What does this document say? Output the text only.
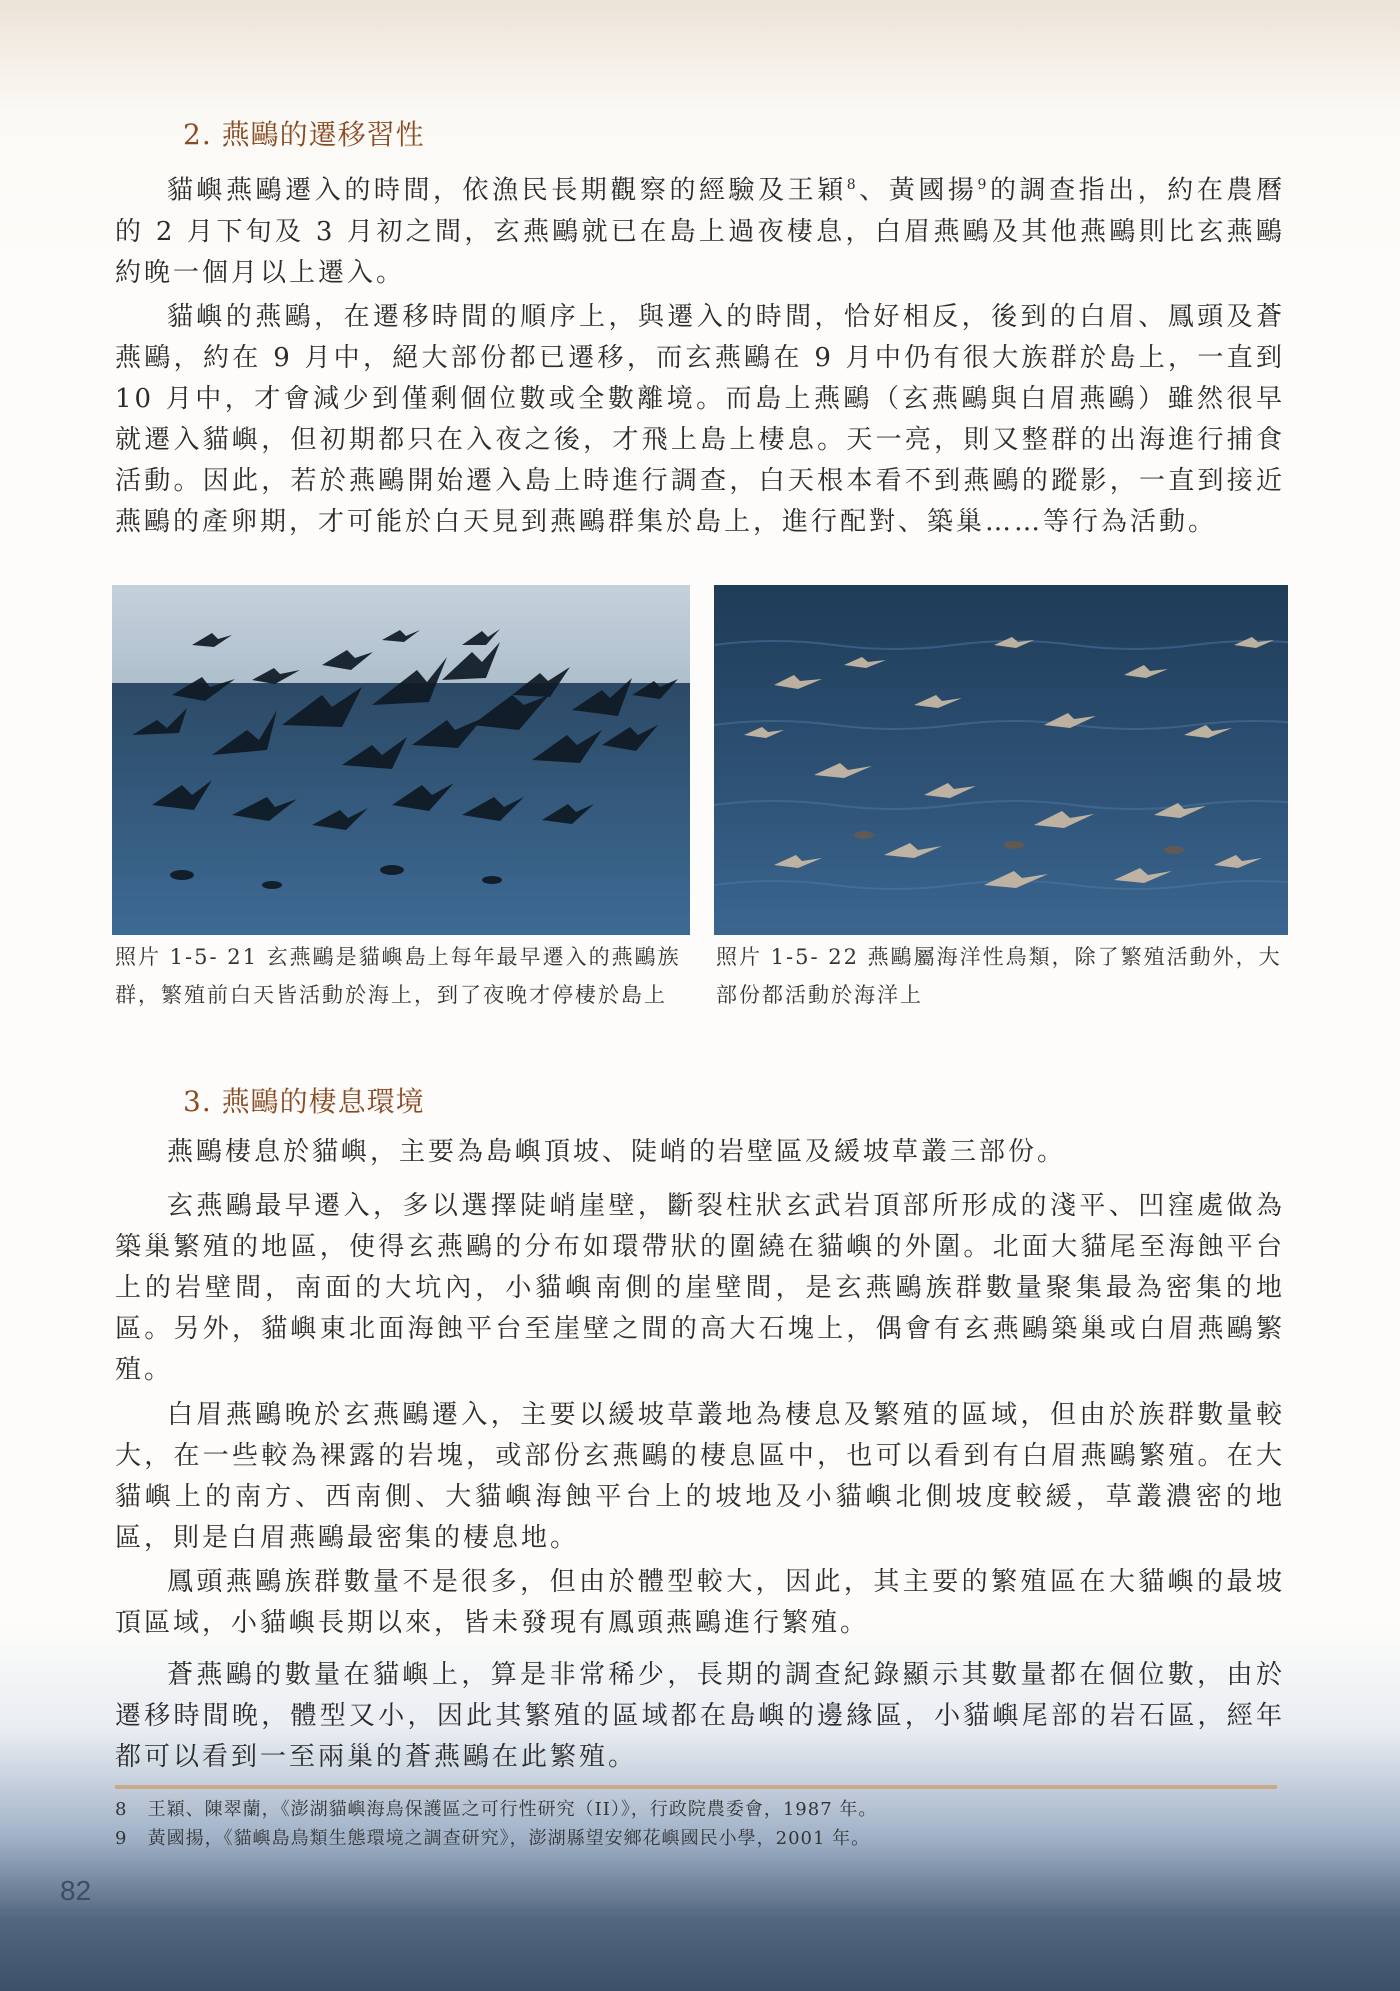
2. 燕鷗的遷移習性

貓嶼燕鷗遷入的時間，依漁民長期觀察的經驗及王穎$^8$、黃國揚$^9$的調查指出，約在農曆的 2 月下旬及 3 月初之間，玄燕鷗就已在島上過夜棲息，白眉燕鷗及其他燕鷗則比玄燕鷗約晚一個月以上遷入。

貓嶼的燕鷗，在遷移時間的順序上，與遷入的時間，恰好相反，後到的白眉、鳳頭及蒼燕鷗，約在 9 月中，絕大部份都已遷移，而玄燕鷗在 9 月中仍有很大族群於島上，一直到 10 月中，才會減少到僅剩個位數或全數離境。而島上燕鷗（玄燕鷗與白眉燕鷗）雖然很早就遷入貓嶼，但初期都只在入夜之後，才飛上島上棲息。天一亮，則又整群的出海進行捕食活動。因此，若於燕鷗開始遷入島上時進行調查，白天根本看不到燕鷗的蹤影，一直到接近燕鷗的產卵期，才可能於白天見到燕鷗群集於島上，進行配對、築巢……等行為活動。

照片 1-5- 21 玄燕鷗是貓嶼島上每年最早遷入的燕鷗族群，繁殖前白天皆活動於海上，到了夜晚才停棲於島上

照片 1-5- 22 燕鷗屬海洋性鳥類，除了繁殖活動外，大部份都活動於海洋上

3. 燕鷗的棲息環境

燕鷗棲息於貓嶼，主要為島嶼頂坡、陡峭的岩壁區及緩坡草叢三部份。

玄燕鷗最早遷入，多以選擇陡峭崖壁，斷裂柱狀玄武岩頂部所形成的淺平、凹窪處做為築巢繁殖的地區，使得玄燕鷗的分布如環帶狀的圍繞在貓嶼的外圍。北面大貓尾至海蝕平台上的岩壁間，南面的大坑內，小貓嶼南側的崖壁間，是玄燕鷗族群數量聚集最為密集的地區。另外，貓嶼東北面海蝕平台至崖壁之間的高大石塊上，偶會有玄燕鷗築巢或白眉燕鷗繁殖。

白眉燕鷗晚於玄燕鷗遷入，主要以緩坡草叢地為棲息及繁殖的區域，但由於族群數量較大，在一些較為裸露的岩塊，或部份玄燕鷗的棲息區中，也可以看到有白眉燕鷗繁殖。在大貓嶼上的南方、西南側、大貓嶼海蝕平台上的坡地及小貓嶼北側坡度較緩，草叢濃密的地區，則是白眉燕鷗最密集的棲息地。

鳳頭燕鷗族群數量不是很多，但由於體型較大，因此，其主要的繁殖區在大貓嶼的最坡頂區域，小貓嶼長期以來，皆未發現有鳳頭燕鷗進行繁殖。

蒼燕鷗的數量在貓嶼上，算是非常稀少，長期的調查紀錄顯示其數量都在個位數，由於遷移時間晚，體型又小，因此其繁殖的區域都在島嶼的邊緣區，小貓嶼尾部的岩石區，經年都可以看到一至兩巢的蒼燕鷗在此繁殖。

8 王穎、陳翠蘭，《澎湖貓嶼海鳥保護區之可行性研究（II）》，行政院農委會，1987 年。

9 黃國揚，《貓嶼島鳥類生態環境之調查研究》，澎湖縣望安鄉花嶼國民小學，2001 年。

82
